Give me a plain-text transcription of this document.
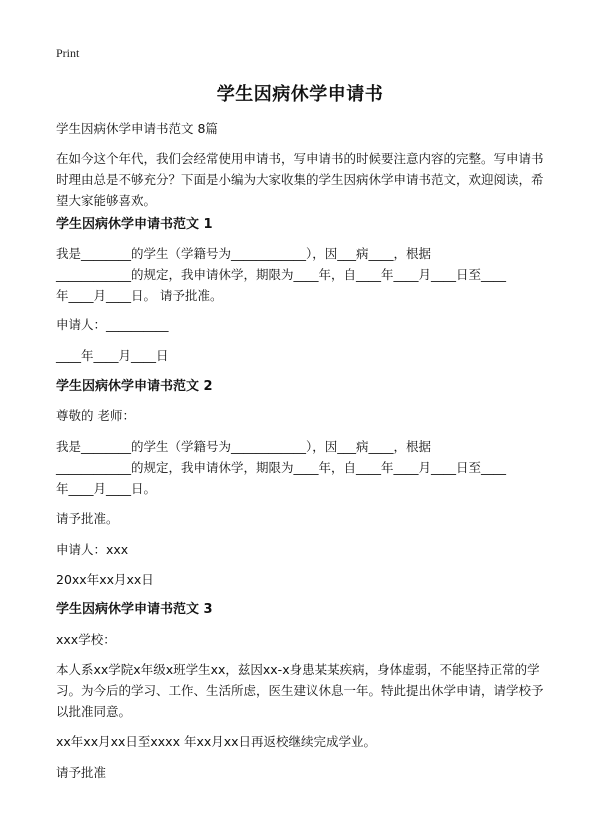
Print
学生因病休学申请书
学生因病休学申请书范文 8篇
在如今这个年代，我们会经常使用申请书，写申请书的时候要注意内容的完整。写申请书时理由总是不够充分？下面是小编为大家收集的学生因病休学申请书范文，欢迎阅读，希望大家能够喜欢。
学生因病休学申请书范文 1
我是________的学生（学籍号为____________），因___病____，根据
____________的规定，我申请休学，期限为____年，自____年____月____日至____
年____月____日。 请予批准。
申请人：__________
____年____月____日
学生因病休学申请书范文 2
尊敬的 老师：
我是________的学生（学籍号为____________），因___病____，根据
____________的规定，我申请休学，期限为____年，自____年____月____日至____
年____月____日。
请予批准。
申请人：xxx
20xx年xx月xx日
学生因病休学申请书范文 3
xxx学校：
本人系xx学院x年级x班学生xx，兹因xx-x身患某某疾病，身体虚弱，不能坚持正常的学习。为今后的学习、工作、生活所虑，医生建议休息一年。特此提出休学申请，请学校予以批准同意。
xx年xx月xx日至xxxx 年xx月xx日再返校继续完成学业。
请予批准
